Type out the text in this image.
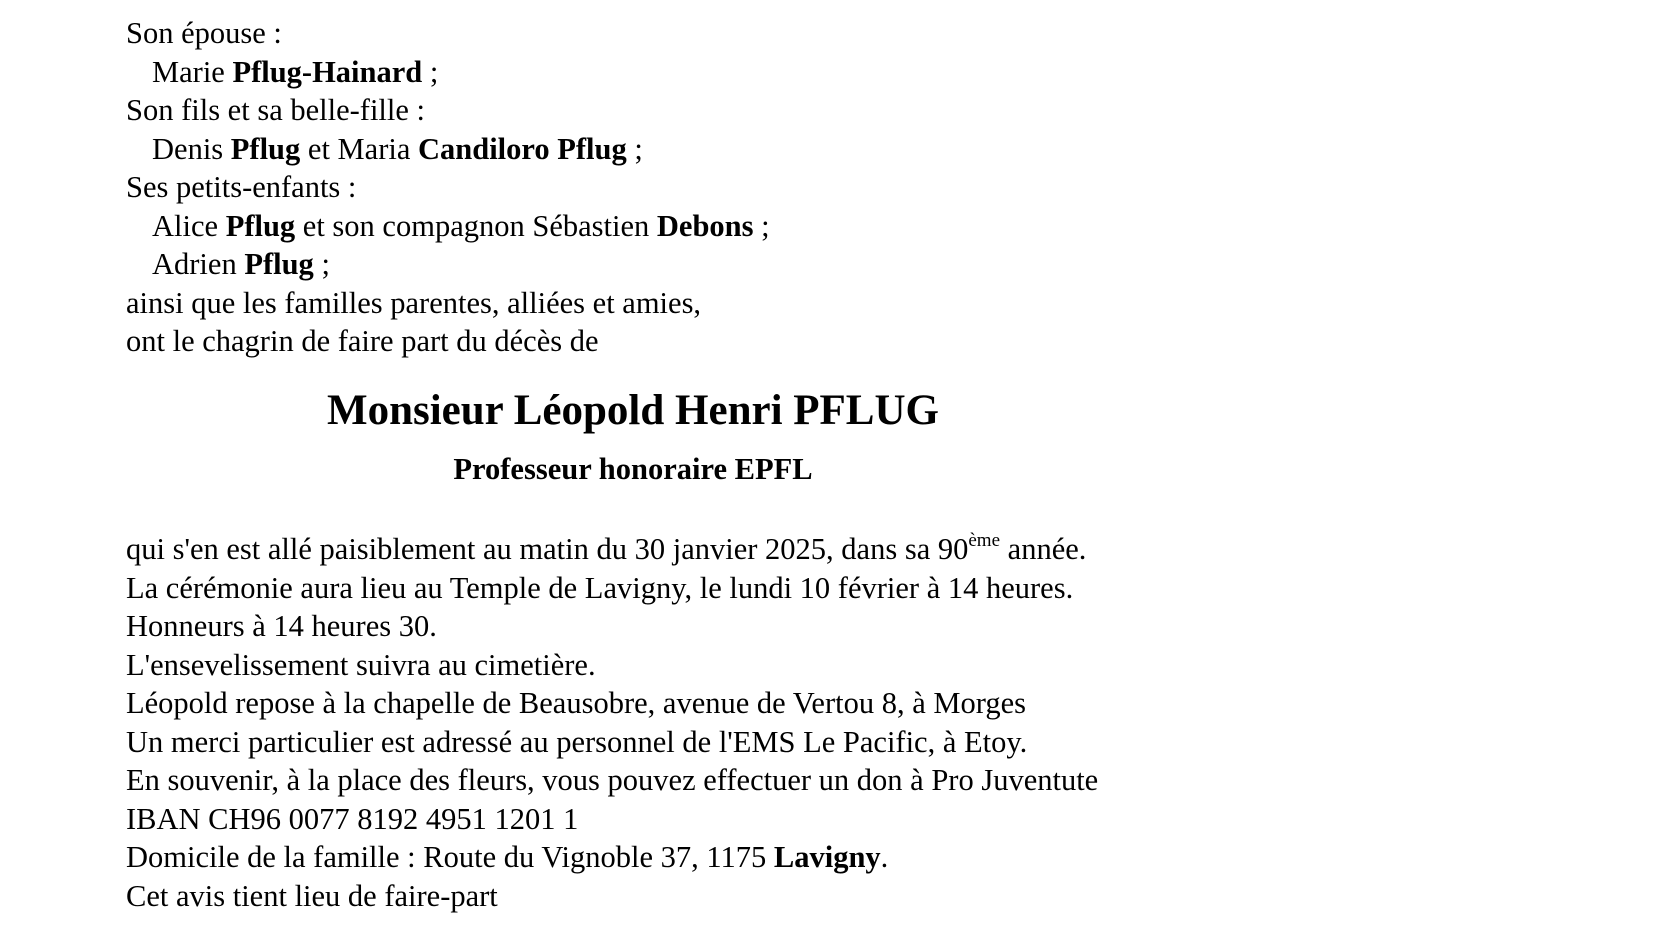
Son épouse :
Marie Pflug-Hainard ;
Son fils et sa belle-fille :
Denis Pflug et Maria Candiloro Pflug ;
Ses petits-enfants :
Alice Pflug et son compagnon Sébastien Debons ;
Adrien Pflug ;
ainsi que les familles parentes, alliées et amies,
ont le chagrin de faire part du décès de
Monsieur Léopold Henri PFLUG
Professeur honoraire EPFL
qui s'en est allé paisiblement au matin du 30 janvier 2025, dans sa 90ème année.
La cérémonie aura lieu au Temple de Lavigny, le lundi 10 février à 14 heures.
Honneurs à 14 heures 30.
L'ensevelissement suivra au cimetière.
Léopold repose à la chapelle de Beausobre, avenue de Vertou 8, à Morges
Un merci particulier est adressé au personnel de l'EMS Le Pacific, à Etoy.
En souvenir, à la place des fleurs, vous pouvez effectuer un don à Pro Juventute
IBAN CH96 0077 8192 4951 1201 1
Domicile de la famille : Route du Vignoble 37, 1175 Lavigny.
Cet avis tient lieu de faire-part
